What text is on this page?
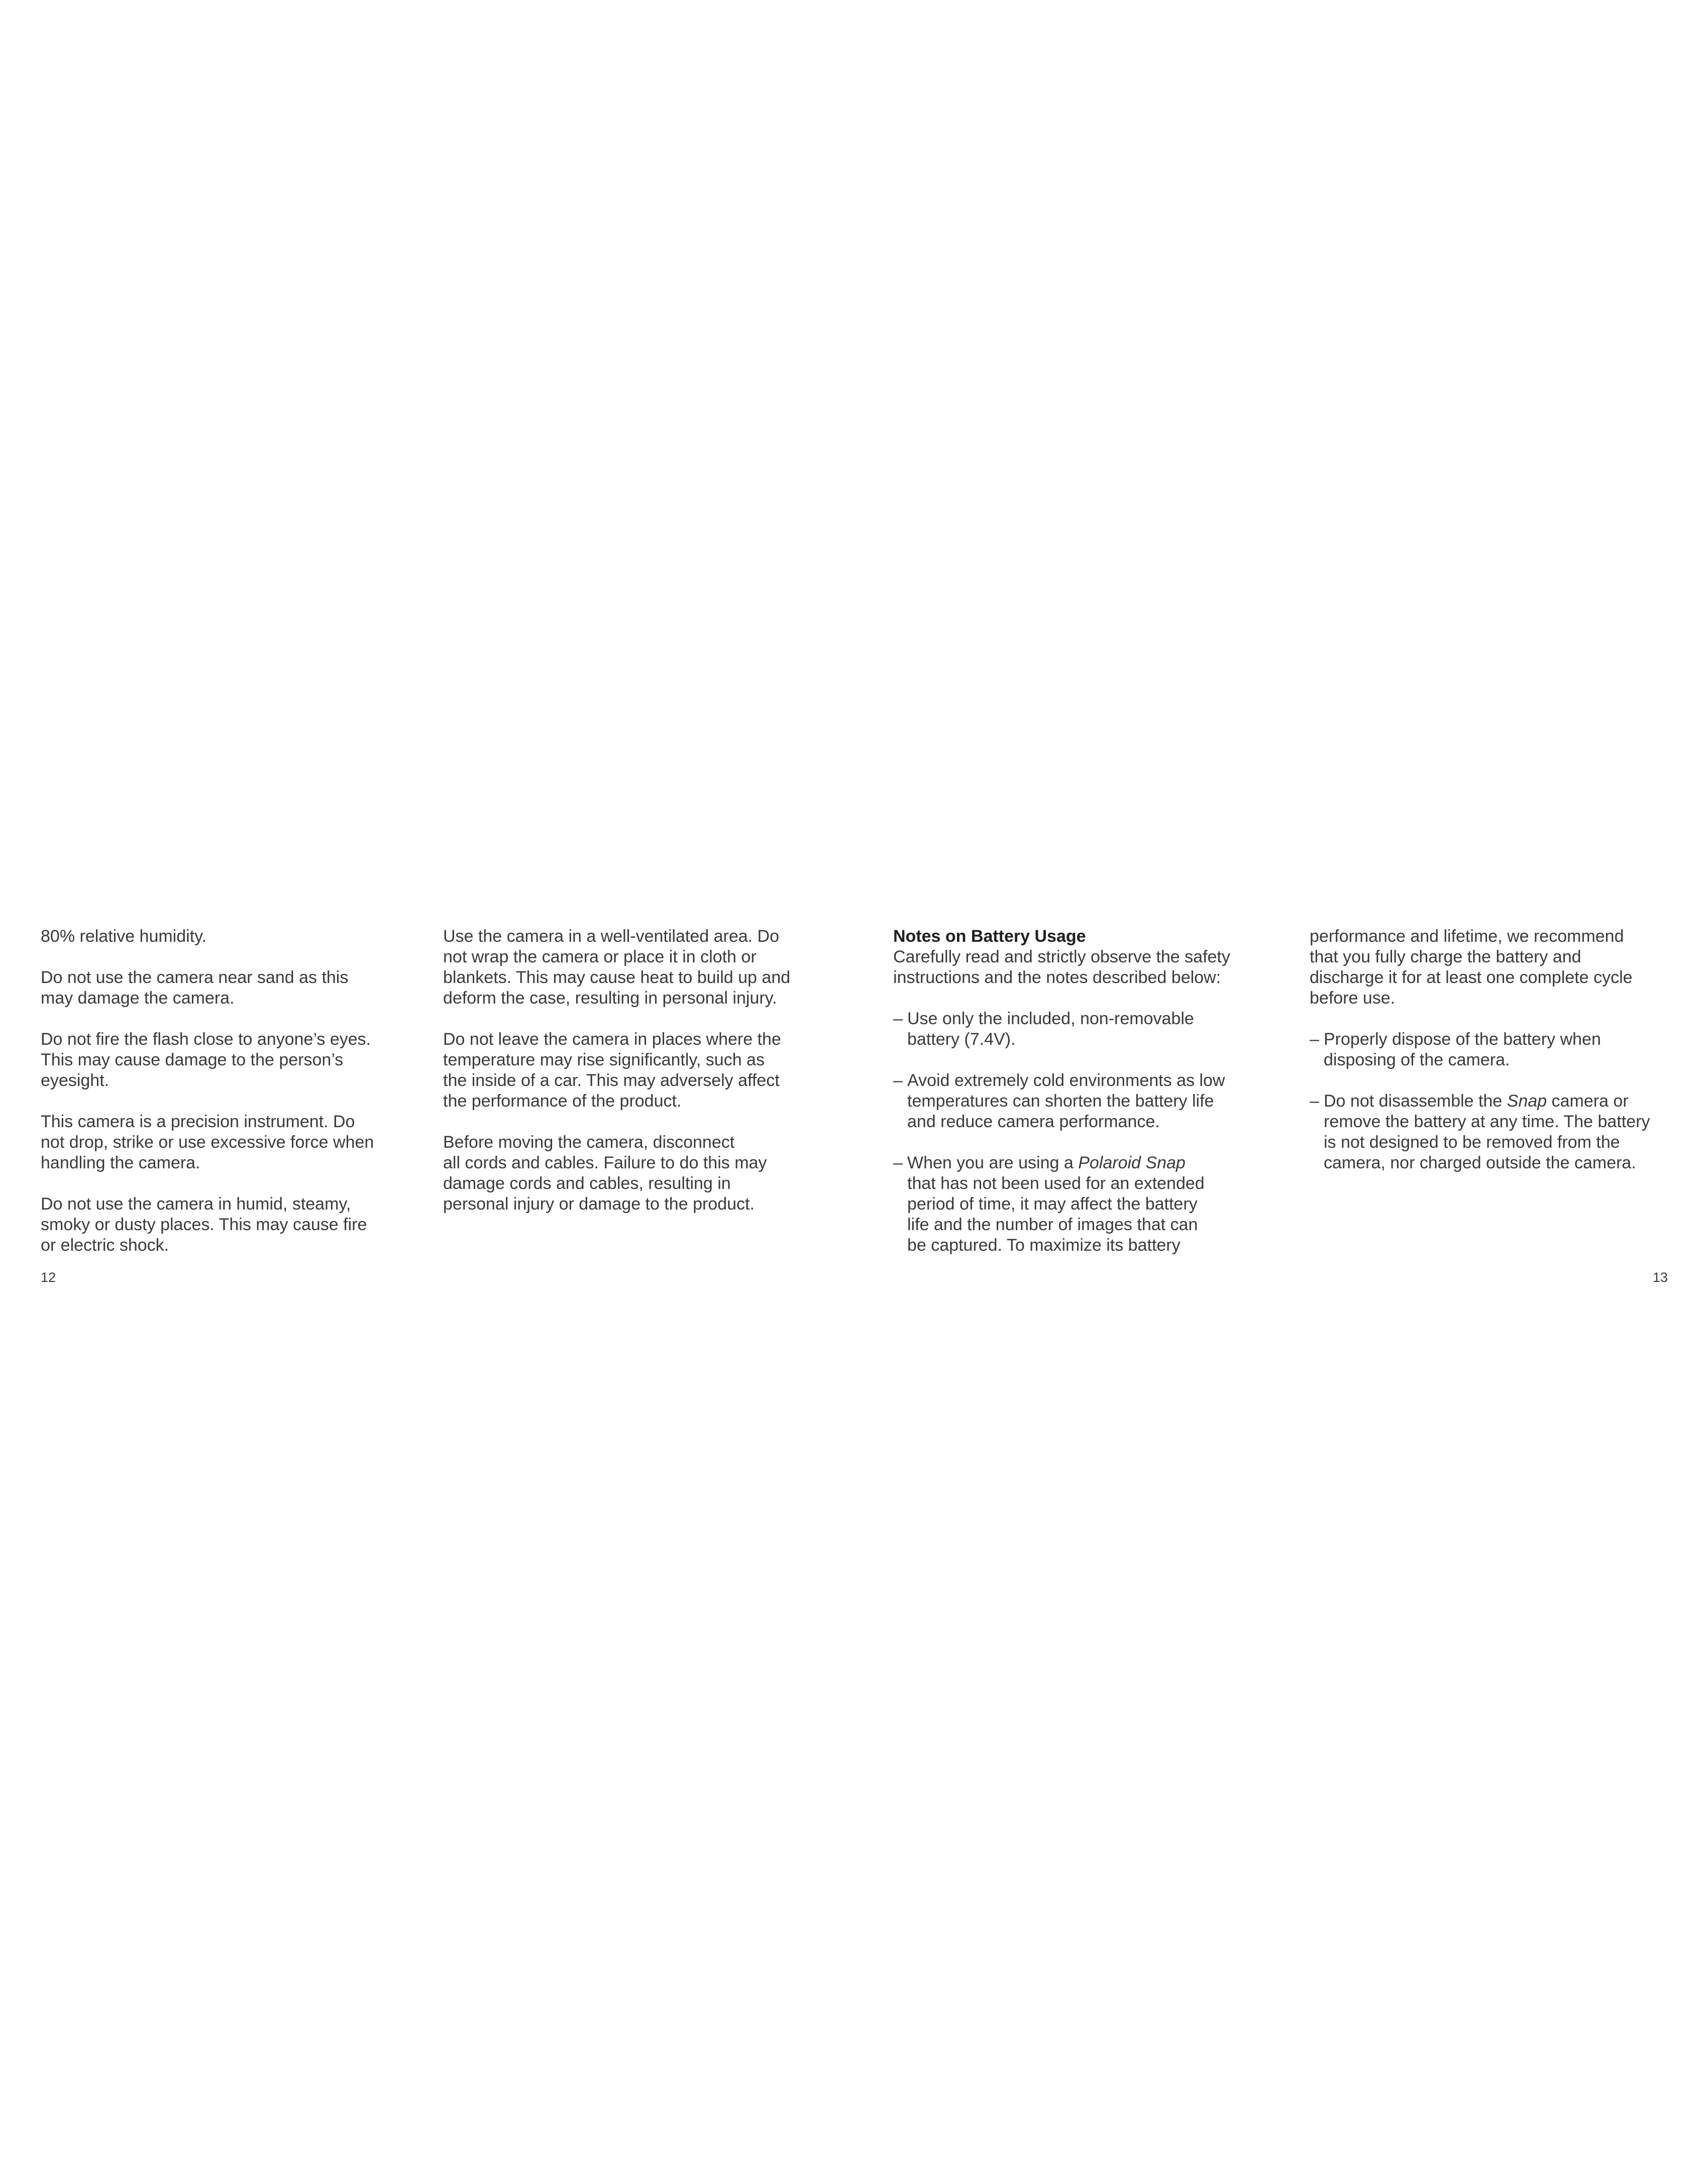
80% relative humidity.

Do not use the camera near sand as this
may damage the camera.

Do not fire the flash close to anyone’s eyes.
This may cause damage to the person’s
eyesight.

This camera is a precision instrument. Do
not drop, strike or use excessive force when
handling the camera.

Do not use the camera in humid, steamy,
smoky or dusty places. This may cause fire
or electric shock.

Use the camera in a well-ventilated area. Do
not wrap the camera or place it in cloth or
blankets. This may cause heat to build up and
deform the case, resulting in personal injury.

Do not leave the camera in places where the
temperature may rise significantly, such as
the inside of a car. This may adversely affect
the performance of the product.

Before moving the camera, disconnect
all cords and cables. Failure to do this may
damage cords and cables, resulting in
personal injury or damage to the product.

12

Notes on Battery Usage

Carefully read and strictly observe the safety
instructions and the notes described below:

– Use only the included, non-removable
battery (7.4V).
– Avoid extremely cold environments as low
temperatures can shorten the battery life
and reduce camera performance.
– When you are using a Polaroid Snap
that has not been used for an extended
period of time, it may affect the battery
life and the number of images that can
be captured. To maximize its battery
performance and lifetime, we recommend
that you fully charge the battery and
discharge it for at least one complete cycle
before use.
– Properly dispose of the battery when
disposing of the camera.
– Do not disassemble the Snap camera or
remove the battery at any time. The battery
is not designed to be removed from the
camera, nor charged outside the camera.
13
